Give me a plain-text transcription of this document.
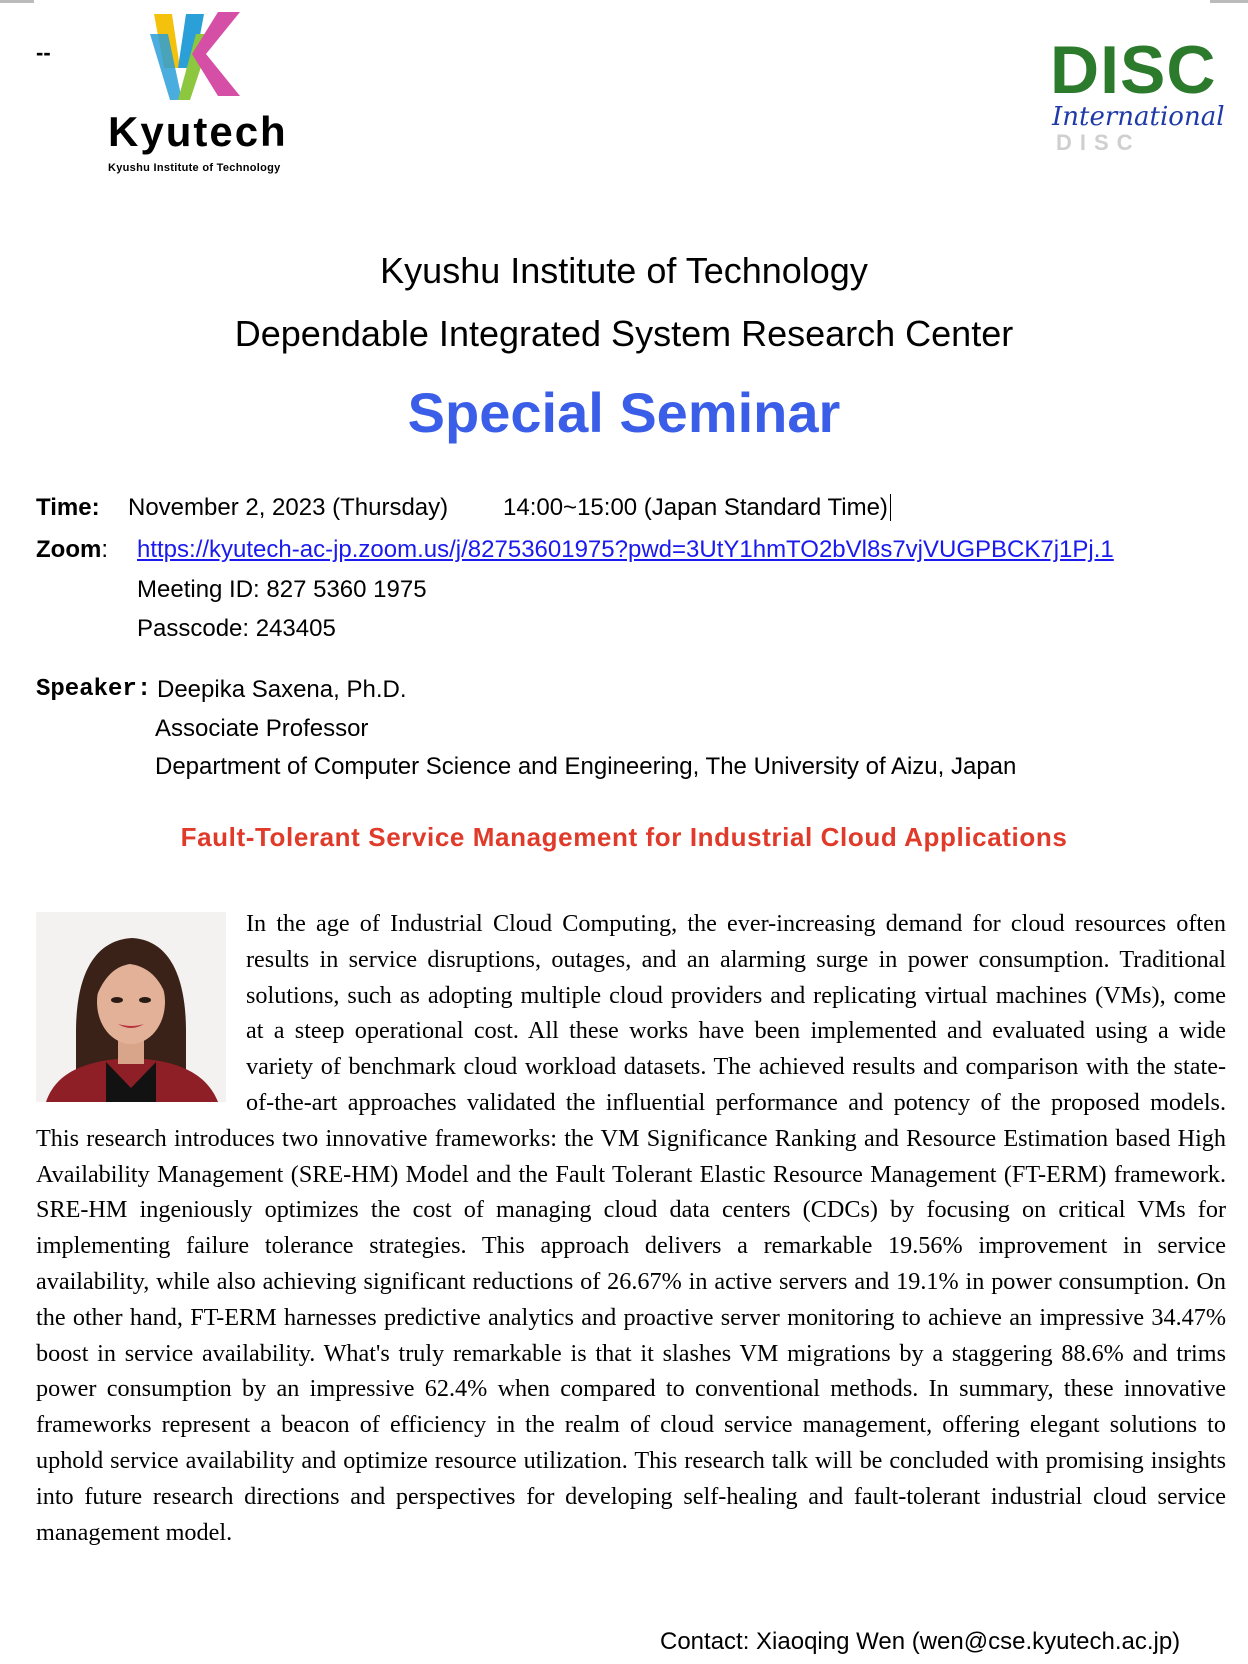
--
Kyutech
Kyushu Institute of Technology
DISC
International
DISC
Kyushu Institute of Technology
Dependable Integrated System Research Center
Special Seminar
Time: November 2, 2023 (Thursday) 14:00~15:00 (Japan Standard Time)
Zoom: https://kyutech-ac-jp.zoom.us/j/82753601975?pwd=3UtY1hmTO2bVl8s7vjVUGPBCK7j1Pj.1
Meeting ID: 827 5360 1975
Passcode: 243405
Speaker: Deepika Saxena, Ph.D.
Associate Professor
Department of Computer Science and Engineering, The University of Aizu, Japan
Fault-Tolerant Service Management for Industrial Cloud Applications

In the age of Industrial Cloud Computing, the ever-increasing demand for cloud resources often results in service disruptions, outages, and an alarming surge in power consumption. Traditional solutions, such as adopting multiple cloud providers and replicating virtual machines (VMs), come at a steep operational cost. All these works have been implemented and evaluated using a wide variety of benchmark cloud workload datasets. The achieved results and comparison with the state-of-the-art approaches validated the influential performance and potency of the proposed models. This research introduces two innovative frameworks: the VM Significance Ranking and Resource Estimation based High Availability Management (SRE-HM) Model and the Fault Tolerant Elastic Resource Management (FT-ERM) framework. SRE-HM ingeniously optimizes the cost of managing cloud data centers (CDCs) by focusing on critical VMs for implementing failure tolerance strategies. This approach delivers a remarkable 19.56% improvement in service availability, while also achieving significant reductions of 26.67% in active servers and 19.1% in power consumption. On the other hand, FT-ERM harnesses predictive analytics and proactive server monitoring to achieve an impressive 34.47% boost in service availability. What's truly remarkable is that it slashes VM migrations by a staggering 88.6% and trims power consumption by an impressive 62.4% when compared to conventional methods. In summary, these innovative frameworks represent a beacon of efficiency in the realm of cloud service management, offering elegant solutions to uphold service availability and optimize resource utilization. This research talk will be concluded with promising insights into future research directions and perspectives for developing self-healing and fault-tolerant industrial cloud service management model.

Contact: Xiaoqing Wen (wen@cse.kyutech.ac.jp)
